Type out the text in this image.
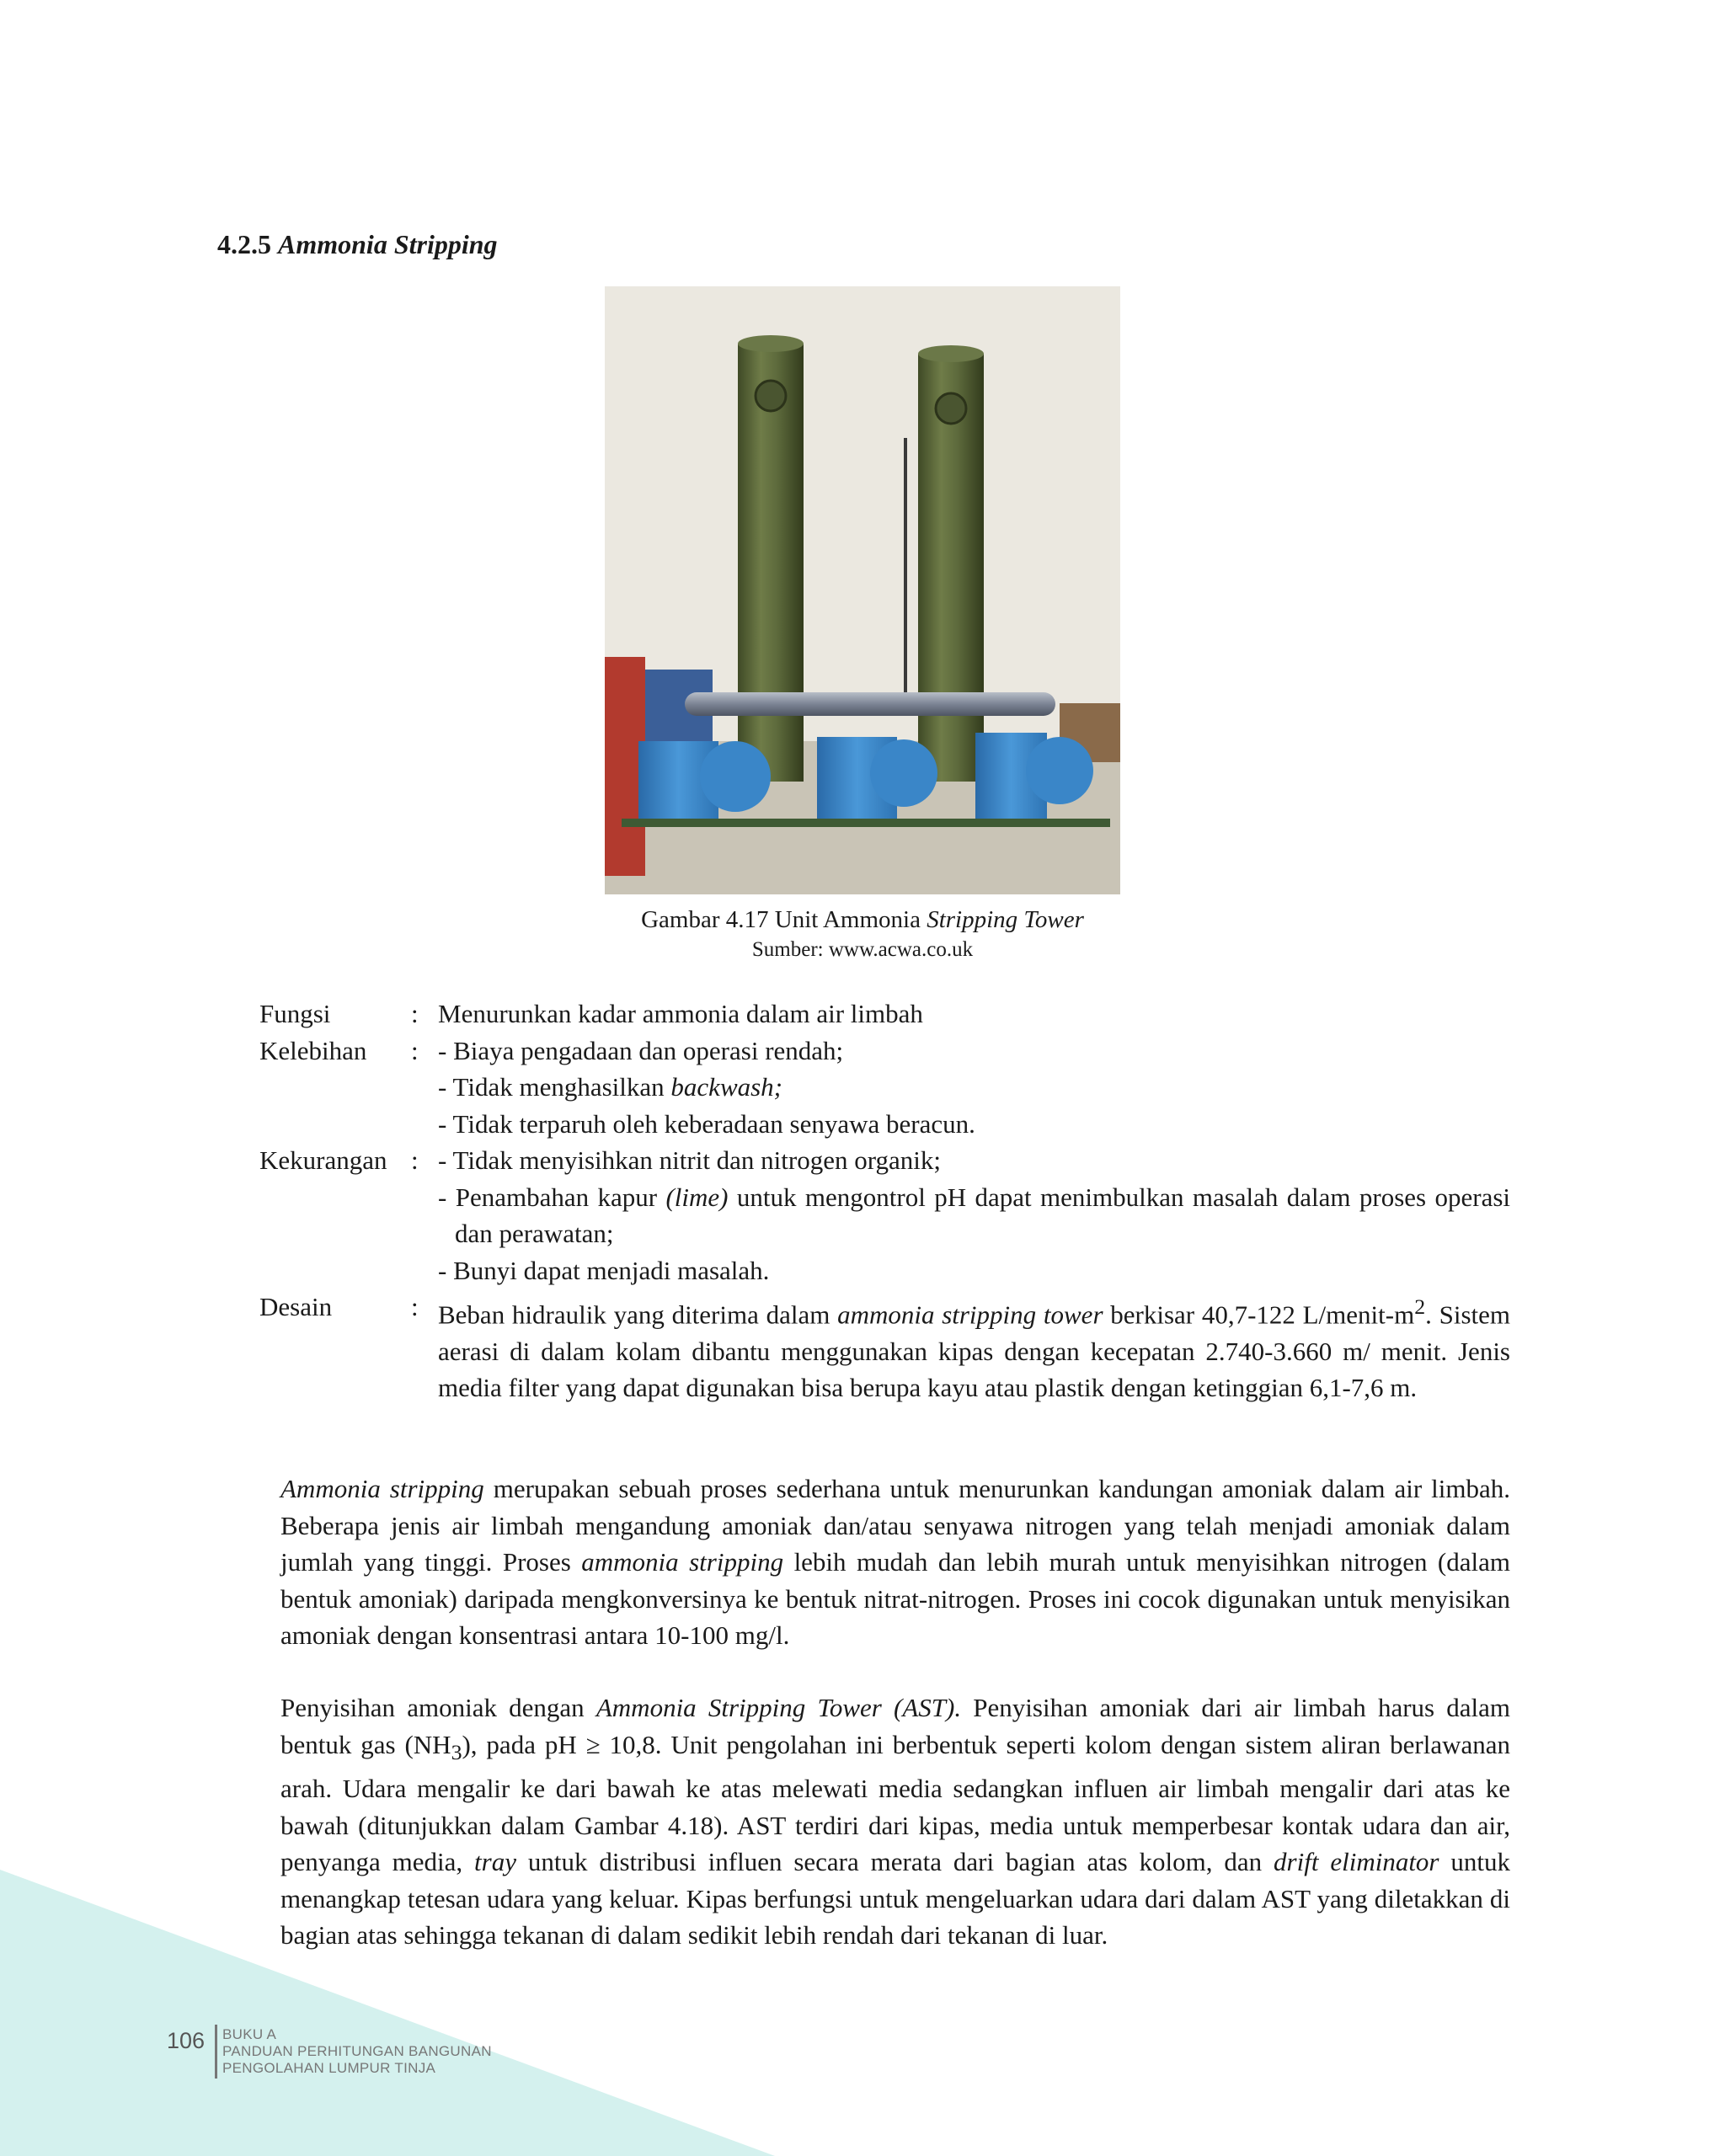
4.2.5 Ammonia Stripping
Gambar 4.17 Unit Ammonia Stripping Tower
Sumber: www.acwa.co.uk
Fungsi	: Menurunkan kadar ammonia dalam air limbah
Kelebihan	: - Biaya pengadaan dan operasi rendah;
- Tidak menghasilkan backwash;
- Tidak terparuh oleh keberadaan senyawa beracun.
Kekurangan : - Tidak menyisihkan nitrit dan nitrogen organik;
- Penambahan kapur (lime) untuk mengontrol pH dapat menimbulkan masalah dalam proses operasi dan perawatan;
- Bunyi dapat menjadi masalah.
Desain	: Beban hidraulik yang diterima dalam ammonia stripping tower berkisar 40,7-122 $L/menit-m^2$. Sistem aerasi di dalam kolam dibantu menggunakan kipas dengan kecepatan 2.740-3.660 m/ menit. Jenis media filter yang dapat digunakan bisa berupa kayu atau plastik dengan ketinggian 6,1-7,6 m.
Ammonia stripping merupakan sebuah proses sederhana untuk menurunkan kandungan amoniak dalam air limbah. Beberapa jenis air limbah mengandung amoniak dan/atau senyawa nitrogen yang telah menjadi amoniak dalam jumlah yang tinggi. Proses ammonia stripping lebih mudah dan lebih murah untuk menyisihkan nitrogen (dalam bentuk amoniak) daripada mengkonversinya ke bentuk nitrat-nitrogen. Proses ini cocok digunakan untuk menyisikan amoniak dengan konsentrasi antara 10-100 mg/l.
Penyisihan amoniak dengan Ammonia Stripping Tower (AST). Penyisihan amoniak dari air limbah harus dalam bentuk gas $(NH_3)$, pada pH ≥ 10,8. Unit pengolahan ini berbentuk seperti kolom dengan sistem aliran berlawanan arah. Udara mengalir ke dari bawah ke atas melewati media sedangkan influen air limbah mengalir dari atas ke bawah (ditunjukkan dalam Gambar 4.18). AST terdiri dari kipas, media untuk memperbesar kontak udara dan air, penyanga media, tray untuk distribusi influen secara merata dari bagian atas kolom, dan drift eliminator untuk menangkap tetesan udara yang keluar. Kipas berfungsi untuk mengeluarkan udara dari dalam AST yang diletakkan di bagian atas sehingga tekanan di dalam sedikit lebih rendah dari tekanan di luar.
106 BUKU A
PANDUAN PERHITUNGAN BANGUNAN
PENGOLAHAN LUMPUR TINJA
